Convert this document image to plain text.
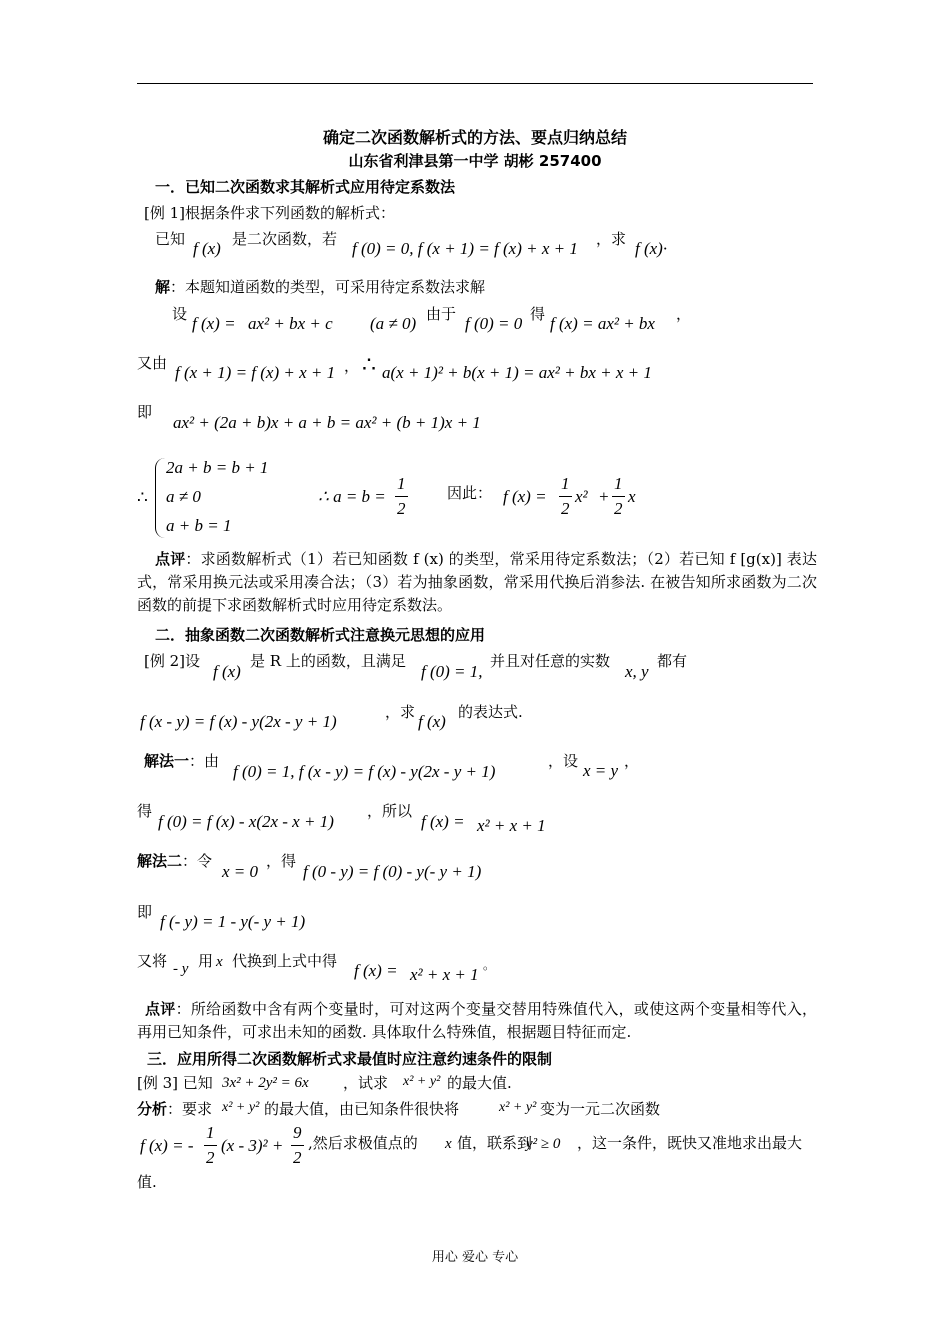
确定二次函数解析式的方法、要点归纳总结
山东省利津县第一中学 胡彬 257400
一．已知二次函数求其解析式应用待定系数法
[例 1]根据条件求下列函数的解析式：
已知 f (x) 是二次函数，若 f (0) = 0, f (x + 1) = f (x) + x + 1 ，求 f (x)·
解：本题知道函数的类型，可采用待定系数法求解
设 f (x) = ax² + bx + c (a ≠ 0) 由于 f (0) = 0 得 f (x) = ax² + bx ，
又由 f (x + 1) = f (x) + x + 1 ， ∴ a(x + 1)² + b(x + 1) = ax² + bx + x + 1
即
ax² + (2a + b)x + a + b = ax² + (b + 1)x + 1
∴
2a + b = b + 1
a ≠ 0
a + b = 1
∴ a = b =
1
2
因此： f (x) =
1
2
x² +
1
2
x
点评：求函数解析式（1）若已知函数 f (x) 的类型，常采用待定系数法；（2）若已知 f [g(x)] 表达式，常采用换元法或采用凑合法；（3）若为抽象函数，常采用代换后消参法. 在被告知所求函数为二次函数的前提下求函数解析式时应用待定系数法。
二．抽象函数二次函数解析式注意换元思想的应用
[例 2]设
f (x)
是 R 上的函数，且满足
f (0) = 1,
并且对任意的实数
x, y
都有
f (x - y) = f (x) - y(2x - y + 1)	，求 f (x) 的表达式.
解法一：由
f (0) = 1, f (x - y) = f (x) - y(2x - y + 1)
，设 x = y ，
得
f (0) = f (x) - x(2x - x + 1)
，所以
f (x) = x² + x + 1
解法二：令
x = 0
，得
f (0 - y) = f (0) - y(- y + 1)
即 f (- y) = 1 - y(- y + 1)
又将 - y 用 x 代换到上式中得 f (x) = x² + x + 1 。
点评：所给函数中含有两个变量时，可对这两个变量交替用特殊值代入，或使这两个变量相等代入，再用已知条件，可求出未知的函数. 具体取什么特殊值，根据题目特征而定.
三．应用所得二次函数解析式求最值时应注意约速条件的限制
[例 3] 已知 3x² + 2y² = 6x ，试求 x² + y² 的最大值.
分析：要求 x² + y² 的最大值，由已知条件很快将	x² + y² 变为一元二次函数
f (x) = -
1
2
(x - 3)² +
9
2
,然后求极值点的 x 值，联系到
y² ≥ 0 ，这一条件，既快又准地求出最大
值.
用心 爱心 专心
